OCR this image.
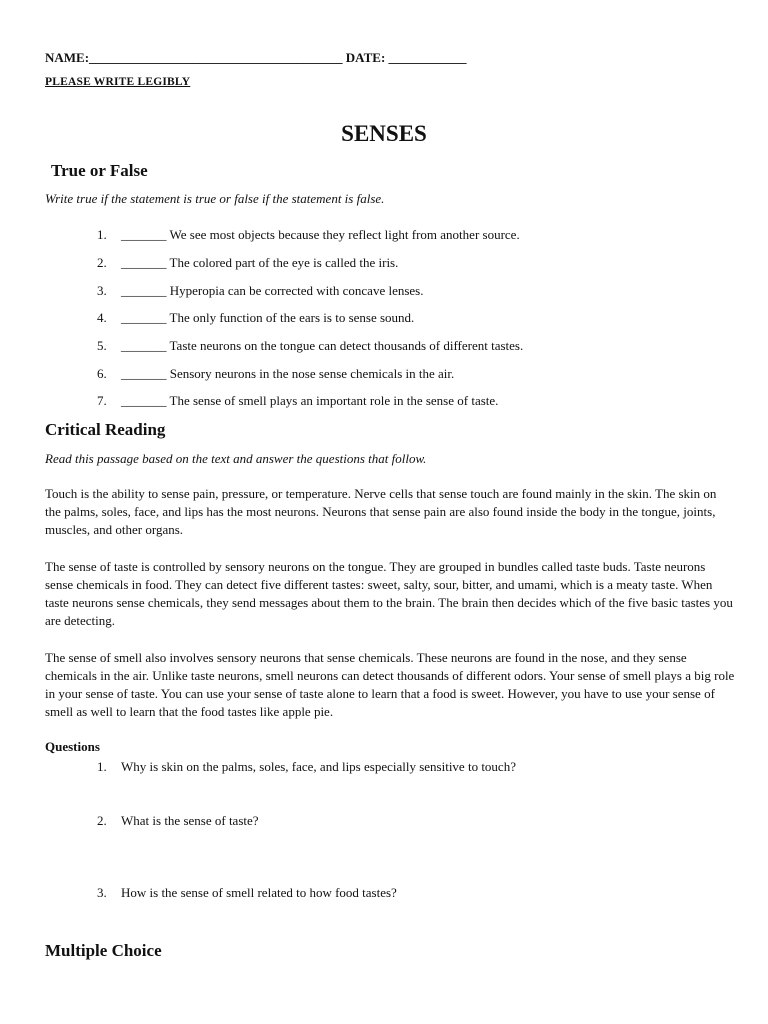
NAME:_______________________________________ DATE: ____________
PLEASE WRITE LEGIBLY
SENSES
True or False
Write true if the statement is true or false if the statement is false.
1. _______ We see most objects because they reflect light from another source.
2. _______ The colored part of the eye is called the iris.
3. _______ Hyperopia can be corrected with concave lenses.
4. _______ The only function of the ears is to sense sound.
5. _______ Taste neurons on the tongue can detect thousands of different tastes.
6. _______ Sensory neurons in the nose sense chemicals in the air.
7. _______ The sense of smell plays an important role in the sense of taste.
Critical Reading
Read this passage based on the text and answer the questions that follow.
Touch is the ability to sense pain, pressure, or temperature. Nerve cells that sense touch are found mainly in the skin. The skin on the palms, soles, face, and lips has the most neurons. Neurons that sense pain are also found inside the body in the tongue, joints, muscles, and other organs.
The sense of taste is controlled by sensory neurons on the tongue. They are grouped in bundles called taste buds. Taste neurons sense chemicals in food. They can detect five different tastes: sweet, salty, sour, bitter, and umami, which is a meaty taste. When taste neurons sense chemicals, they send messages about them to the brain. The brain then decides which of the five basic tastes you are detecting.
The sense of smell also involves sensory neurons that sense chemicals. These neurons are found in the nose, and they sense chemicals in the air. Unlike taste neurons, smell neurons can detect thousands of different odors. Your sense of smell plays a big role in your sense of taste. You can use your sense of taste alone to learn that a food is sweet. However, you have to use your sense of smell as well to learn that the food tastes like apple pie.
Questions
1. Why is skin on the palms, soles, face, and lips especially sensitive to touch?
2. What is the sense of taste?
3. How is the sense of smell related to how food tastes?
Multiple Choice
